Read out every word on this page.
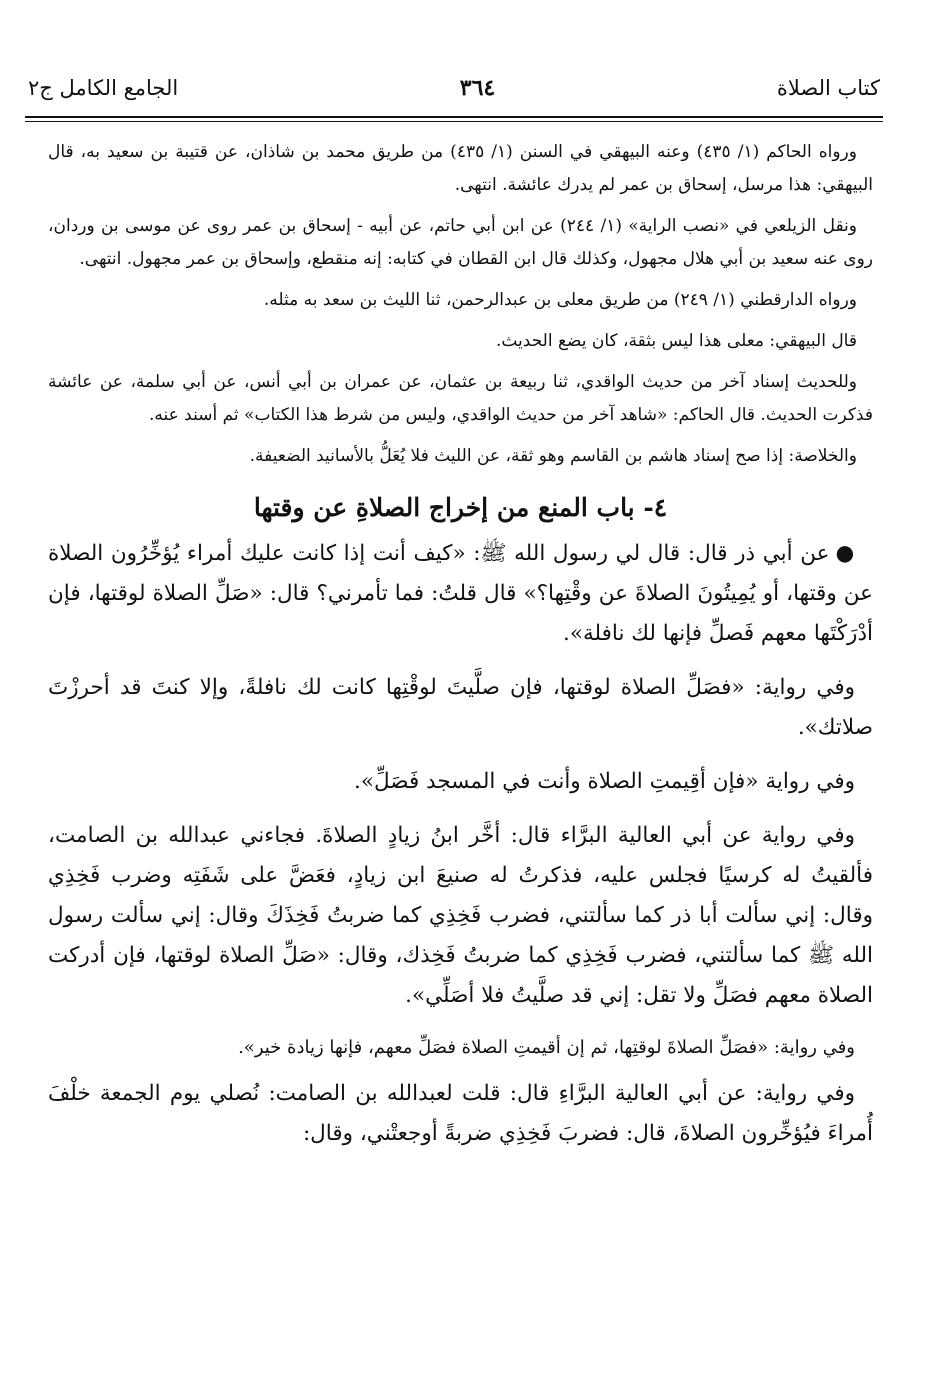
كتاب الصلاة
٣٦٤
الجامع الكامل ج٢

ورواه الحاكم (١/ ٤٣٥) وعنه البيهقي في السنن (١/ ٤٣٥) من طريق محمد بن شاذان، عن قتيبة بن سعيد به، قال البيهقي: هذا مرسل، إسحاق بن عمر لم يدرك عائشة. انتهى.

ونقل الزيلعي في «نصب الراية» (١/ ٢٤٤) عن ابن أبي حاتم، عن أبيه - إسحاق بن عمر روى عن موسى بن وردان، روى عنه سعيد بن أبي هلال مجهول، وكذلك قال ابن القطان في كتابه: إنه منقطع، وإسحاق بن عمر مجهول. انتهى.

ورواه الدارقطني (١/ ٢٤٩) من طريق معلى بن عبدالرحمن، ثنا الليث بن سعد به مثله.

قال البيهقي: معلى هذا ليس بثقة، كان يضع الحديث.

وللحديث إسناد آخر من حديث الواقدي، ثنا ربيعة بن عثمان، عن عمران بن أبي أنس، عن أبي سلمة، عن عائشة فذكرت الحديث. قال الحاكم: «شاهد آخر من حديث الواقدي، وليس من شرط هذا الكتاب» ثم أسند عنه.

والخلاصة: إذا صح إسناد هاشم بن القاسم وهو ثقة، عن الليث فلا يُعَلُّ بالأسانيد الضعيفة.

٤- باب المنع من إخراج الصلاةِ عن وقتها

●عن أبي ذر قال: قال لي رسول الله ﷺ: «كيف أنت إذا كانت عليك أمراء يُؤخِّرُون الصلاة عن وقتها، أو يُمِيتُونَ الصلاةَ عن وقْتِها؟» قال قلتُ: فما تأمرني؟ قال: «صَلِّ الصلاة لوقتها، فإن أدْرَكْتَها معهم فَصلِّ فإنها لك نافلة».

وفي رواية: «فصَلِّ الصلاة لوقتها، فإن صلَّيتَ لوقْتِها كانت لك نافلةً، وإلا كنتَ قد أحرزْتَ صلاتك».

وفي رواية «فإن أقِيمتِ الصلاة وأنت في المسجد فَصَلِّ».

وفي رواية عن أبي العالية البرَّاء قال: أخَّر ابنُ زيادٍ الصلاةَ. فجاءني عبدالله بن الصامت، فألقيتُ له كرسيًا فجلس عليه، فذكرتُ له صنيعَ ابن زيادٍ، فعَضَّ على شَفَتِه وضرب فَخِذِي وقال: إني سألت أبا ذر كما سألتني، فضرب فَخِذِي كما ضربتُ فَخِذَكَ وقال: إني سألت رسول الله ﷺ كما سألتني، فضرب فَخِذِي كما ضربتُ فَخِذك، وقال: «صَلِّ الصلاة لوقتها، فإن أدركت الصلاة معهم فصَلِّ ولا تقل: إني قد صلَّيتُ فلا أصَلِّي».

وفي رواية: «فصَلِّ الصلاةَ لوقتِها، ثم إن أقيمتِ الصلاة فصَلِّ معهم، فإنها زيادة خير».

وفي رواية: عن أبي العالية البرَّاءِ قال: قلت لعبدالله بن الصامت: نُصلي يوم الجمعة خلْفَ أُمراءَ فيُؤخِّرون الصلاةَ، قال: فضربَ فَخِذِي ضربةً أوجعتْني، وقال:
